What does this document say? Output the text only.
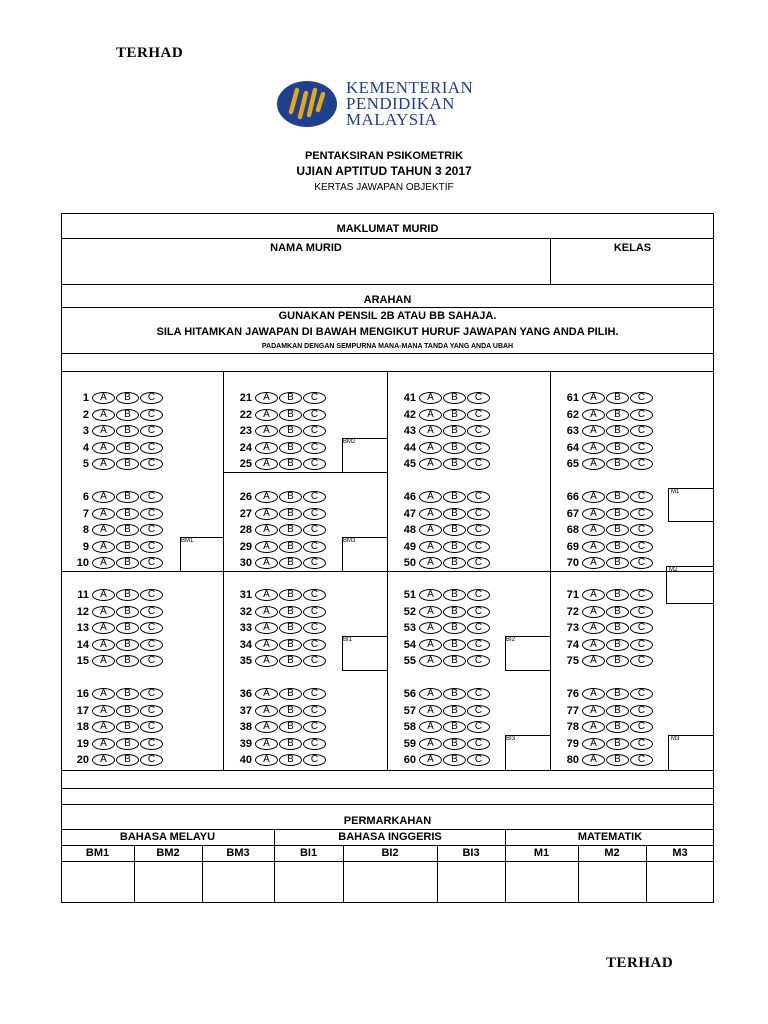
TERHAD
TERHAD
KEMENTERIAN
PENDIDIKAN
MALAYSIA
PENTAKSIRAN PSIKOMETRIK
UJIAN APTITUD TAHUN 3 2017
KERTAS JAWAPAN OBJEKTIF
MAKLUMAT MURID
NAMA MURID	KELAS
ARAHAN
GUNAKAN PENSIL 2B ATAU BB SAHAJA.
SILA HITAMKAN JAWAPAN DI BAWAH MENGIKUT HURUF JAWAPAN YANG ANDA PILIH.
PADAMKAN DENGAN SEMPURNA MANA-MANA TANDA YANG ANDA UBAH
BM1
BM2
BM3
BI1	BI2
BI3
M1
M2
M3
1	A	B	C
2	A	B	C
3	A	B	C
4	A	B	C
5	A	B	C
6	A	B	C
7	A	B	C
8	A	B	C
9	A	B	C
10	A	B	C
11	A	B	C
12	A	B	C
13	A	B	C
14	A	B	C
15	A	B	C
16	A	B	C
17	A	B	C
18	A	B	C
19	A	B	C
20	A	B	C
21	A	B	C
22	A	B	C
23	A	B	C
24	A	B	C
25	A	B	C
26	A	B	C
27	A	B	C
28	A	B	C
29	A	B	C
30	A	B	C
31	A	B	C
32	A	B	C
33	A	B	C
34	A	B	C
35	A	B	C
36	A	B	C
37	A	B	C
38	A	B	C
39	A	B	C
40	A	B	C
41	A	B	C
42	A	B	C
43	A	B	C
44	A	B	C
45	A	B	C
46	A	B	C
47	A	B	C
48	A	B	C
49	A	B	C
50	A	B	C
51	A	B	C
52	A	B	C
53	A	B	C
54	A	B	C
55	A	B	C
56	A	B	C
57	A	B	C
58	A	B	C
59	A	B	C
60	A	B	C
61	A	B	C
62	A	B	C
63	A	B	C
64	A	B	C
65	A	B	C
66	A	B	C
67	A	B	C
68	A	B	C
69	A	B	C
70	A	B	C
71	A	B	C
72	A	B	C
73	A	B	C
74	A	B	C
75	A	B	C
76	A	B	C
77	A	B	C
78	A	B	C
79	A	B	C
80	A	B	C
PERMARKAHAN
BAHASA MELAYU	BAHASA INGGERIS	MATEMATIK
BM1	BM2	BM3	BI1	BI2	BI3	M1	M2	M3
